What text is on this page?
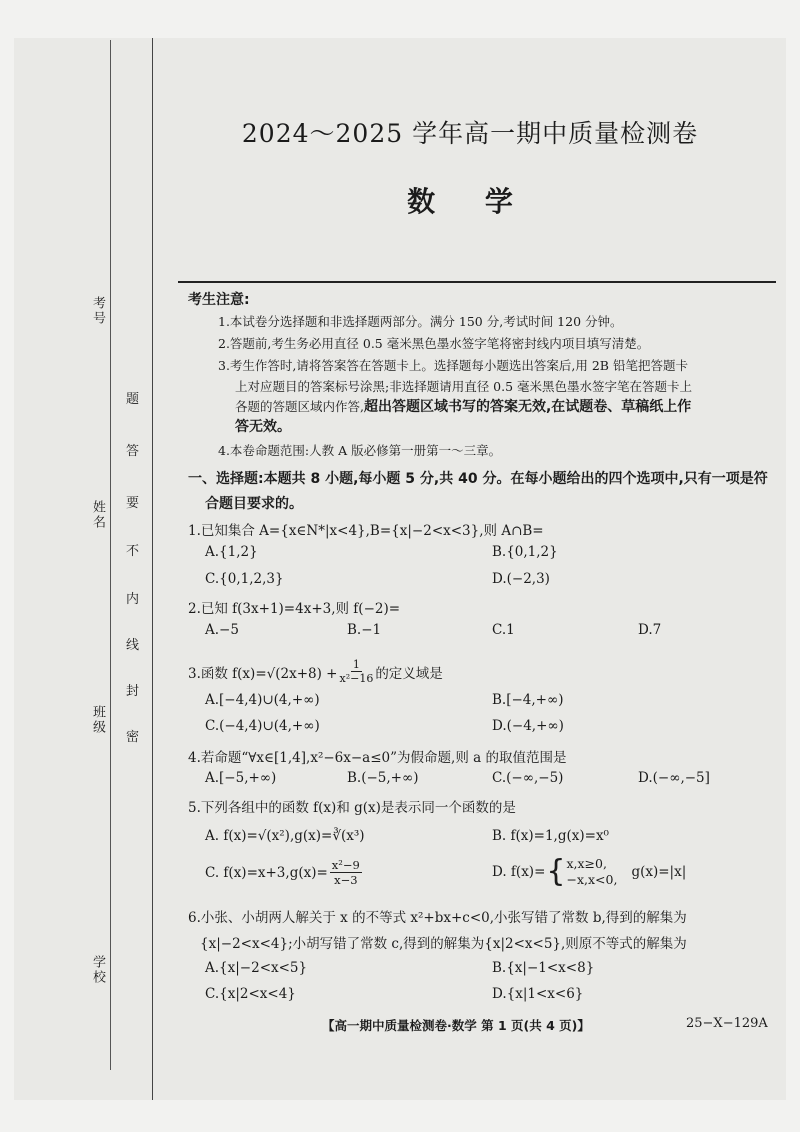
考号
姓名
班级
学校
题
答
要
不
内
线
封
密
2024～2025 学年高一期中质量检测卷
数 学
考生注意:
1.本试卷分选择题和非选择题两部分。满分 150 分,考试时间 120 分钟。
2.答题前,考生务必用直径 0.5 毫米黑色墨水签字笔将密封线内项目填写清楚。
3.考生作答时,请将答案答在答题卡上。选择题每小题选出答案后,用 2B 铅笔把答题卡
上对应题目的答案标号涂黑;非选择题请用直径 0.5 毫米黑色墨水签字笔在答题卡上
各题的答题区域内作答,超出答题区域书写的答案无效,在试题卷、草稿纸上作
答无效。
4.本卷命题范围:人教 A 版必修第一册第一～三章。
一、选择题:本题共 8 小题,每小题 5 分,共 40 分。在每小题给出的四个选项中,只有一项是符
合题目要求的。
1.已知集合 A={x∈N*|x<4},B={x|−2<x<3},则 A∩B=
A.{1,2}	B.{0,1,2}
C.{0,1,2,3}	D.(−2,3)
2.已知 f(3x+1)=4x+3,则 f(−2)=
A.−5	B.−1	C.1	D.7
3.函数 $f(x)=√(2x+8) + \frac{1}{\text{x²−16}}$ 的定义域是
A.[−4,4)∪(4,+∞)	B.[−4,+∞)
C.(−4,4)∪(4,+∞)	D.(−4,+∞)
4.若命题“∀x∈[1,4],x²−6x−a≤0”为假命题,则 a 的取值范围是
A.[−5,+∞)	B.(−5,+∞)	C.(−∞,−5)	D.(−∞,−5]
5.下列各组中的函数 f(x)和 g(x)是表示同一个函数的是
A. f(x)=√(x²),g(x)=∛(x³)	B. f(x)=1,g(x)=x⁰
C. $f(x)=x+3,g(x)= \frac{\text{x²−9}}{x-3}$	D. f(x)= { x,x≥0,
−x,x<0, g(x)=|x|
6.小张、小胡两人解关于 x 的不等式 x²+bx+c<0,小张写错了常数 b,得到的解集为
{x|−2<x<4};小胡写错了常数 c,得到的解集为{x|2<x<5},则原不等式的解集为
A.{x|−2<x<5}	B.{x|−1<x<8}
C.{x|2<x<4}	D.{x|1<x<6}
【高一期中质量检测卷·数学 第 1 页(共 4 页)】	25−X−129A
